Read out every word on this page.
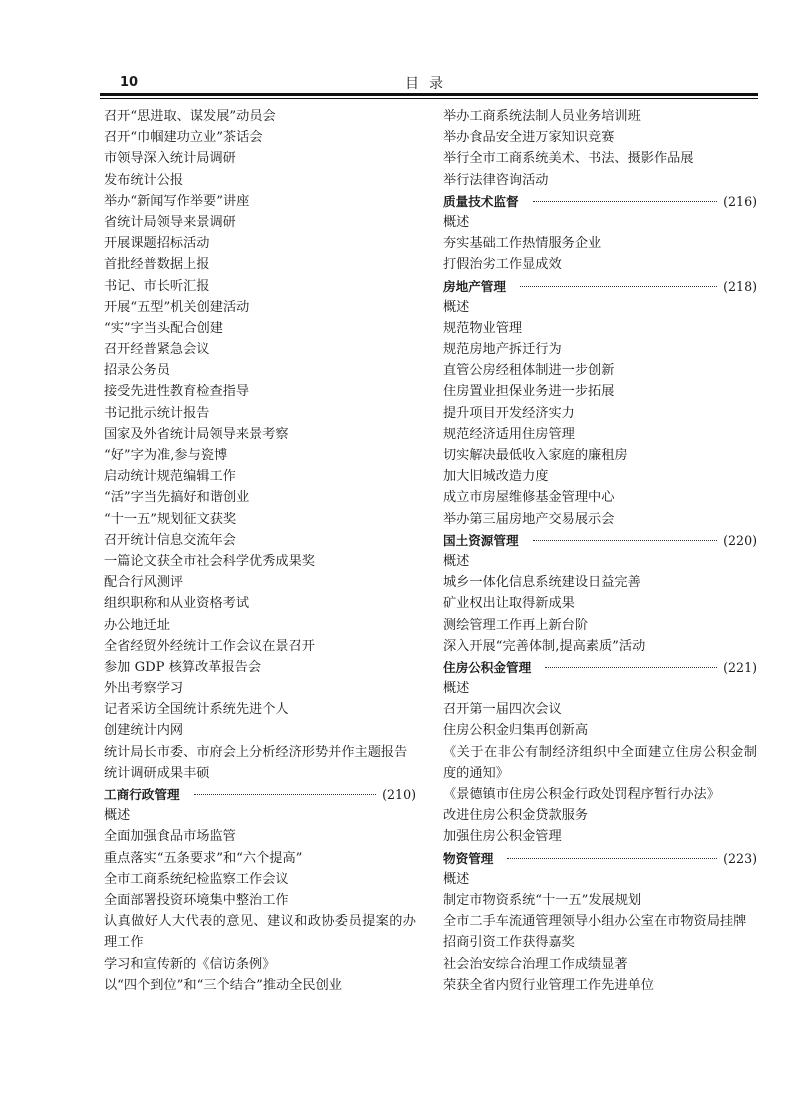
10	目录
召开“思进取、谋发展”动员会
召开“巾帼建功立业”茶话会
市领导深入统计局调研
发布统计公报
举办“新闻写作举要”讲座
省统计局领导来景调研
开展课题招标活动
首批经普数据上报
书记、市长听汇报
开展“五型”机关创建活动
“实”字当头配合创建
召开经普紧急会议
招录公务员
接受先进性教育检查指导
书记批示统计报告
国家及外省统计局领导来景考察
“好”字为准,参与瓷博
启动统计规范编辑工作
“活”字当先搞好和谐创业
“十一五”规划征文获奖
召开统计信息交流年会
一篇论文获全市社会科学优秀成果奖
配合行风测评
组织职称和从业资格考试
办公地迁址
全省经贸外经统计工作会议在景召开
参加 GDP 核算改革报告会
外出考察学习
记者采访全国统计系统先进个人
创建统计内网
统计局长市委、市府会上分析经济形势并作主题报告
统计调研成果丰硕
工商行政管理	(210)
概述
全面加强食品市场监管
重点落实“五条要求”和“六个提高”
全市工商系统纪检监察工作会议
全面部署投资环境集中整治工作
认真做好人大代表的意见、建议和政协委员提案的办理工作
学习和宣传新的《信访条例》
以“四个到位”和“三个结合”推动全民创业
举办工商系统法制人员业务培训班
举办食品安全进万家知识竞赛
举行全市工商系统美术、书法、摄影作品展
举行法律咨询活动
质量技术监督	(216)
概述
夯实基础工作热情服务企业
打假治劣工作显成效
房地产管理	(218)
概述
规范物业管理
规范房地产拆迁行为
直管公房经租体制进一步创新
住房置业担保业务进一步拓展
提升项目开发经济实力
规范经济适用住房管理
切实解决最低收入家庭的廉租房
加大旧城改造力度
成立市房屋维修基金管理中心
举办第三届房地产交易展示会
国土资源管理	(220)
概述
城乡一体化信息系统建设日益完善
矿业权出让取得新成果
测绘管理工作再上新台阶
深入开展“完善体制,提高素质”活动
住房公积金管理	(221)
概述
召开第一届四次会议
住房公积金归集再创新高
《关于在非公有制经济组织中全面建立住房公积金制度的通知》
《景德镇市住房公积金行政处罚程序暂行办法》
改进住房公积金贷款服务
加强住房公积金管理
物资管理	(223)
概述
制定市物资系统“十一五”发展规划
全市二手车流通管理领导小组办公室在市物资局挂牌
招商引资工作获得嘉奖
社会治安综合治理工作成绩显著
荣获全省内贸行业管理工作先进单位
